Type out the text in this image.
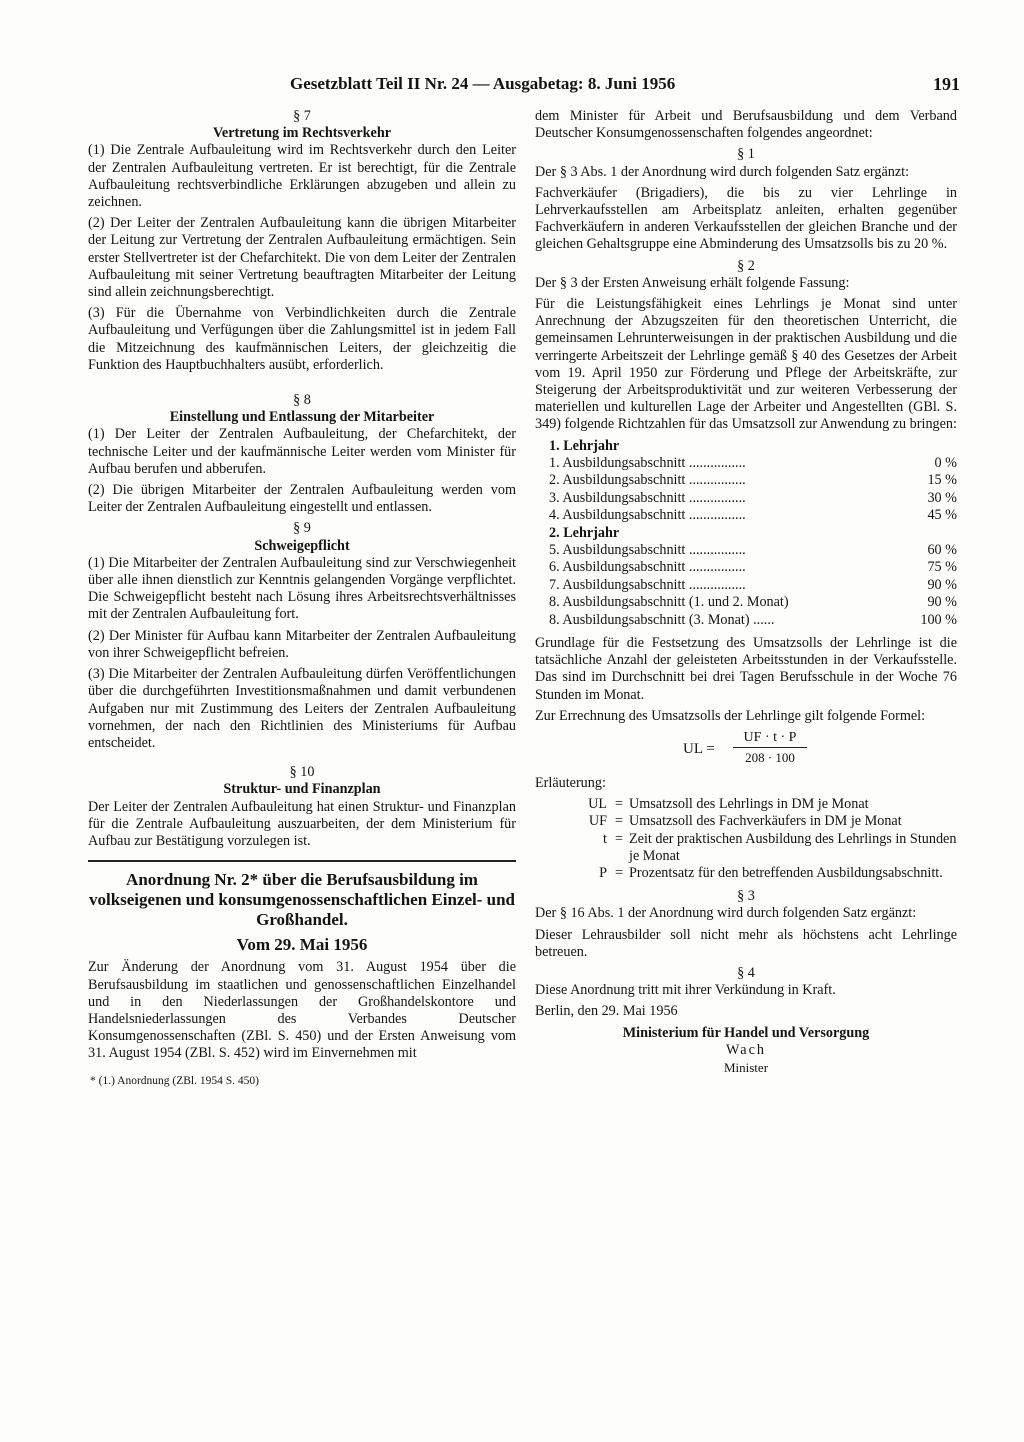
Gesetzblatt Teil II Nr. 24 — Ausgabetag: 8. Juni 1956	191

§ 7

Vertretung im Rechtsverkehr

(1) Die Zentrale Aufbauleitung wird im Rechtsverkehr durch den Leiter der Zentralen Aufbauleitung vertreten. Er ist berechtigt, für die Zentrale Aufbauleitung rechtsverbindliche Erklärungen abzugeben und allein zu zeichnen.

(2) Der Leiter der Zentralen Aufbauleitung kann die übrigen Mitarbeiter der Leitung zur Vertretung der Zentralen Aufbauleitung ermächtigen. Sein erster Stellvertreter ist der Chefarchitekt. Die von dem Leiter der Zentralen Aufbauleitung mit seiner Vertretung beauftragten Mitarbeiter der Leitung sind allein zeichnungsberechtigt.

(3) Für die Übernahme von Verbindlichkeiten durch die Zentrale Aufbauleitung und Verfügungen über die Zahlungsmittel ist in jedem Fall die Mitzeichnung des kaufmännischen Leiters, der gleichzeitig die Funktion des Hauptbuchhalters ausübt, erforderlich.

§ 8

Einstellung und Entlassung der Mitarbeiter

(1) Der Leiter der Zentralen Aufbauleitung, der Chefarchitekt, der technische Leiter und der kaufmännische Leiter werden vom Minister für Aufbau berufen und abberufen.

(2) Die übrigen Mitarbeiter der Zentralen Aufbauleitung werden vom Leiter der Zentralen Aufbauleitung eingestellt und entlassen.

§ 9

Schweigepflicht

(1) Die Mitarbeiter der Zentralen Aufbauleitung sind zur Verschwiegenheit über alle ihnen dienstlich zur Kenntnis gelangenden Vorgänge verpflichtet. Die Schweigepflicht besteht nach Lösung ihres Arbeitsrechtsverhältnisses mit der Zentralen Aufbauleitung fort.

(2) Der Minister für Aufbau kann Mitarbeiter der Zentralen Aufbauleitung von ihrer Schweigepflicht befreien.

(3) Die Mitarbeiter der Zentralen Aufbauleitung dürfen Veröffentlichungen über die durchgeführten Investitionsmaßnahmen und damit verbundenen Aufgaben nur mit Zustimmung des Leiters der Zentralen Aufbauleitung vornehmen, der nach den Richtlinien des Ministeriums für Aufbau entscheidet.

§ 10

Struktur- und Finanzplan

Der Leiter der Zentralen Aufbauleitung hat einen Struktur- und Finanzplan für die Zentrale Aufbauleitung auszuarbeiten, der dem Ministerium für Aufbau zur Bestätigung vorzulegen ist.

Anordnung Nr. 2* über die Berufsausbildung im volkseigenen und konsumgenossenschaftlichen Einzel- und Großhandel.

Vom 29. Mai 1956

Zur Änderung der Anordnung vom 31. August 1954 über die Berufsausbildung im staatlichen und genossenschaftlichen Einzelhandel und in den Niederlassungen der Großhandelskontore und Handelsniederlassungen des Verbandes Deutscher Konsumgenossenschaften (ZBl. S. 450) und der Ersten Anweisung vom 31. August 1954 (ZBl. S. 452) wird im Einvernehmen mit

* (1.) Anordnung (ZBl. 1954 S. 450)

dem Minister für Arbeit und Berufsausbildung und dem Verband Deutscher Konsumgenossenschaften folgendes angeordnet:

§ 1

Der § 3 Abs. 1 der Anordnung wird durch folgenden Satz ergänzt:

Fachverkäufer (Brigadiers), die bis zu vier Lehrlinge in Lehrverkaufsstellen am Arbeitsplatz anleiten, erhalten gegenüber Fachverkäufern in anderen Verkaufsstellen der gleichen Branche und der gleichen Gehaltsgruppe eine Abminderung des Umsatzsolls bis zu 20 %.

§ 2

Der § 3 der Ersten Anweisung erhält folgende Fassung:

Für die Leistungsfähigkeit eines Lehrlings je Monat sind unter Anrechnung der Abzugszeiten für den theoretischen Unterricht, die gemeinsamen Lehrunterweisungen in der praktischen Ausbildung und die verringerte Arbeitszeit der Lehrlinge gemäß § 40 des Gesetzes der Arbeit vom 19. April 1950 zur Förderung und Pflege der Arbeitskräfte, zur Steigerung der Arbeitsproduktivität und zur weiteren Verbesserung der materiellen und kulturellen Lage der Arbeiter und Angestellten (GBl. S. 349) folgende Richtzahlen für das Umsatzsoll zur Anwendung zu bringen:

1. Lehrjahr
1. Ausbildungsabschnitt ................	0 %
2. Ausbildungsabschnitt ................	15 %
3. Ausbildungsabschnitt ................	30 %
4. Ausbildungsabschnitt ................	45 %
2. Lehrjahr
5. Ausbildungsabschnitt ................	60 %
6. Ausbildungsabschnitt ................	75 %
7. Ausbildungsabschnitt ................	90 %
8. Ausbildungsabschnitt (1. und 2. Monat)	90 %
8. Ausbildungsabschnitt (3. Monat) ......	100 %

Grundlage für die Festsetzung des Umsatzsolls der Lehrlinge ist die tatsächliche Anzahl der geleisteten Arbeitsstunden in der Verkaufsstelle. Das sind im Durchschnitt bei drei Tagen Berufsschule in der Woche 76 Stunden im Monat.

Zur Errechnung des Umsatzsolls der Lehrlinge gilt folgende Formel:

UL =
UF · t · P
208 · 100

Erläuterung:

UL = Umsatzsoll des Lehrlings in DM je Monat
UF = Umsatzsoll des Fachverkäufers in DM je Monat
t = Zeit der praktischen Ausbildung des Lehrlings in Stunden je Monat
P = Prozentsatz für den betreffenden Ausbildungsabschnitt.

§ 3

Der § 16 Abs. 1 der Anordnung wird durch folgenden Satz ergänzt:

Dieser Lehrausbilder soll nicht mehr als höchstens acht Lehrlinge betreuen.

§ 4

Diese Anordnung tritt mit ihrer Verkündung in Kraft.

Berlin, den 29. Mai 1956

Ministerium für Handel und Versorgung

Wach

Minister
